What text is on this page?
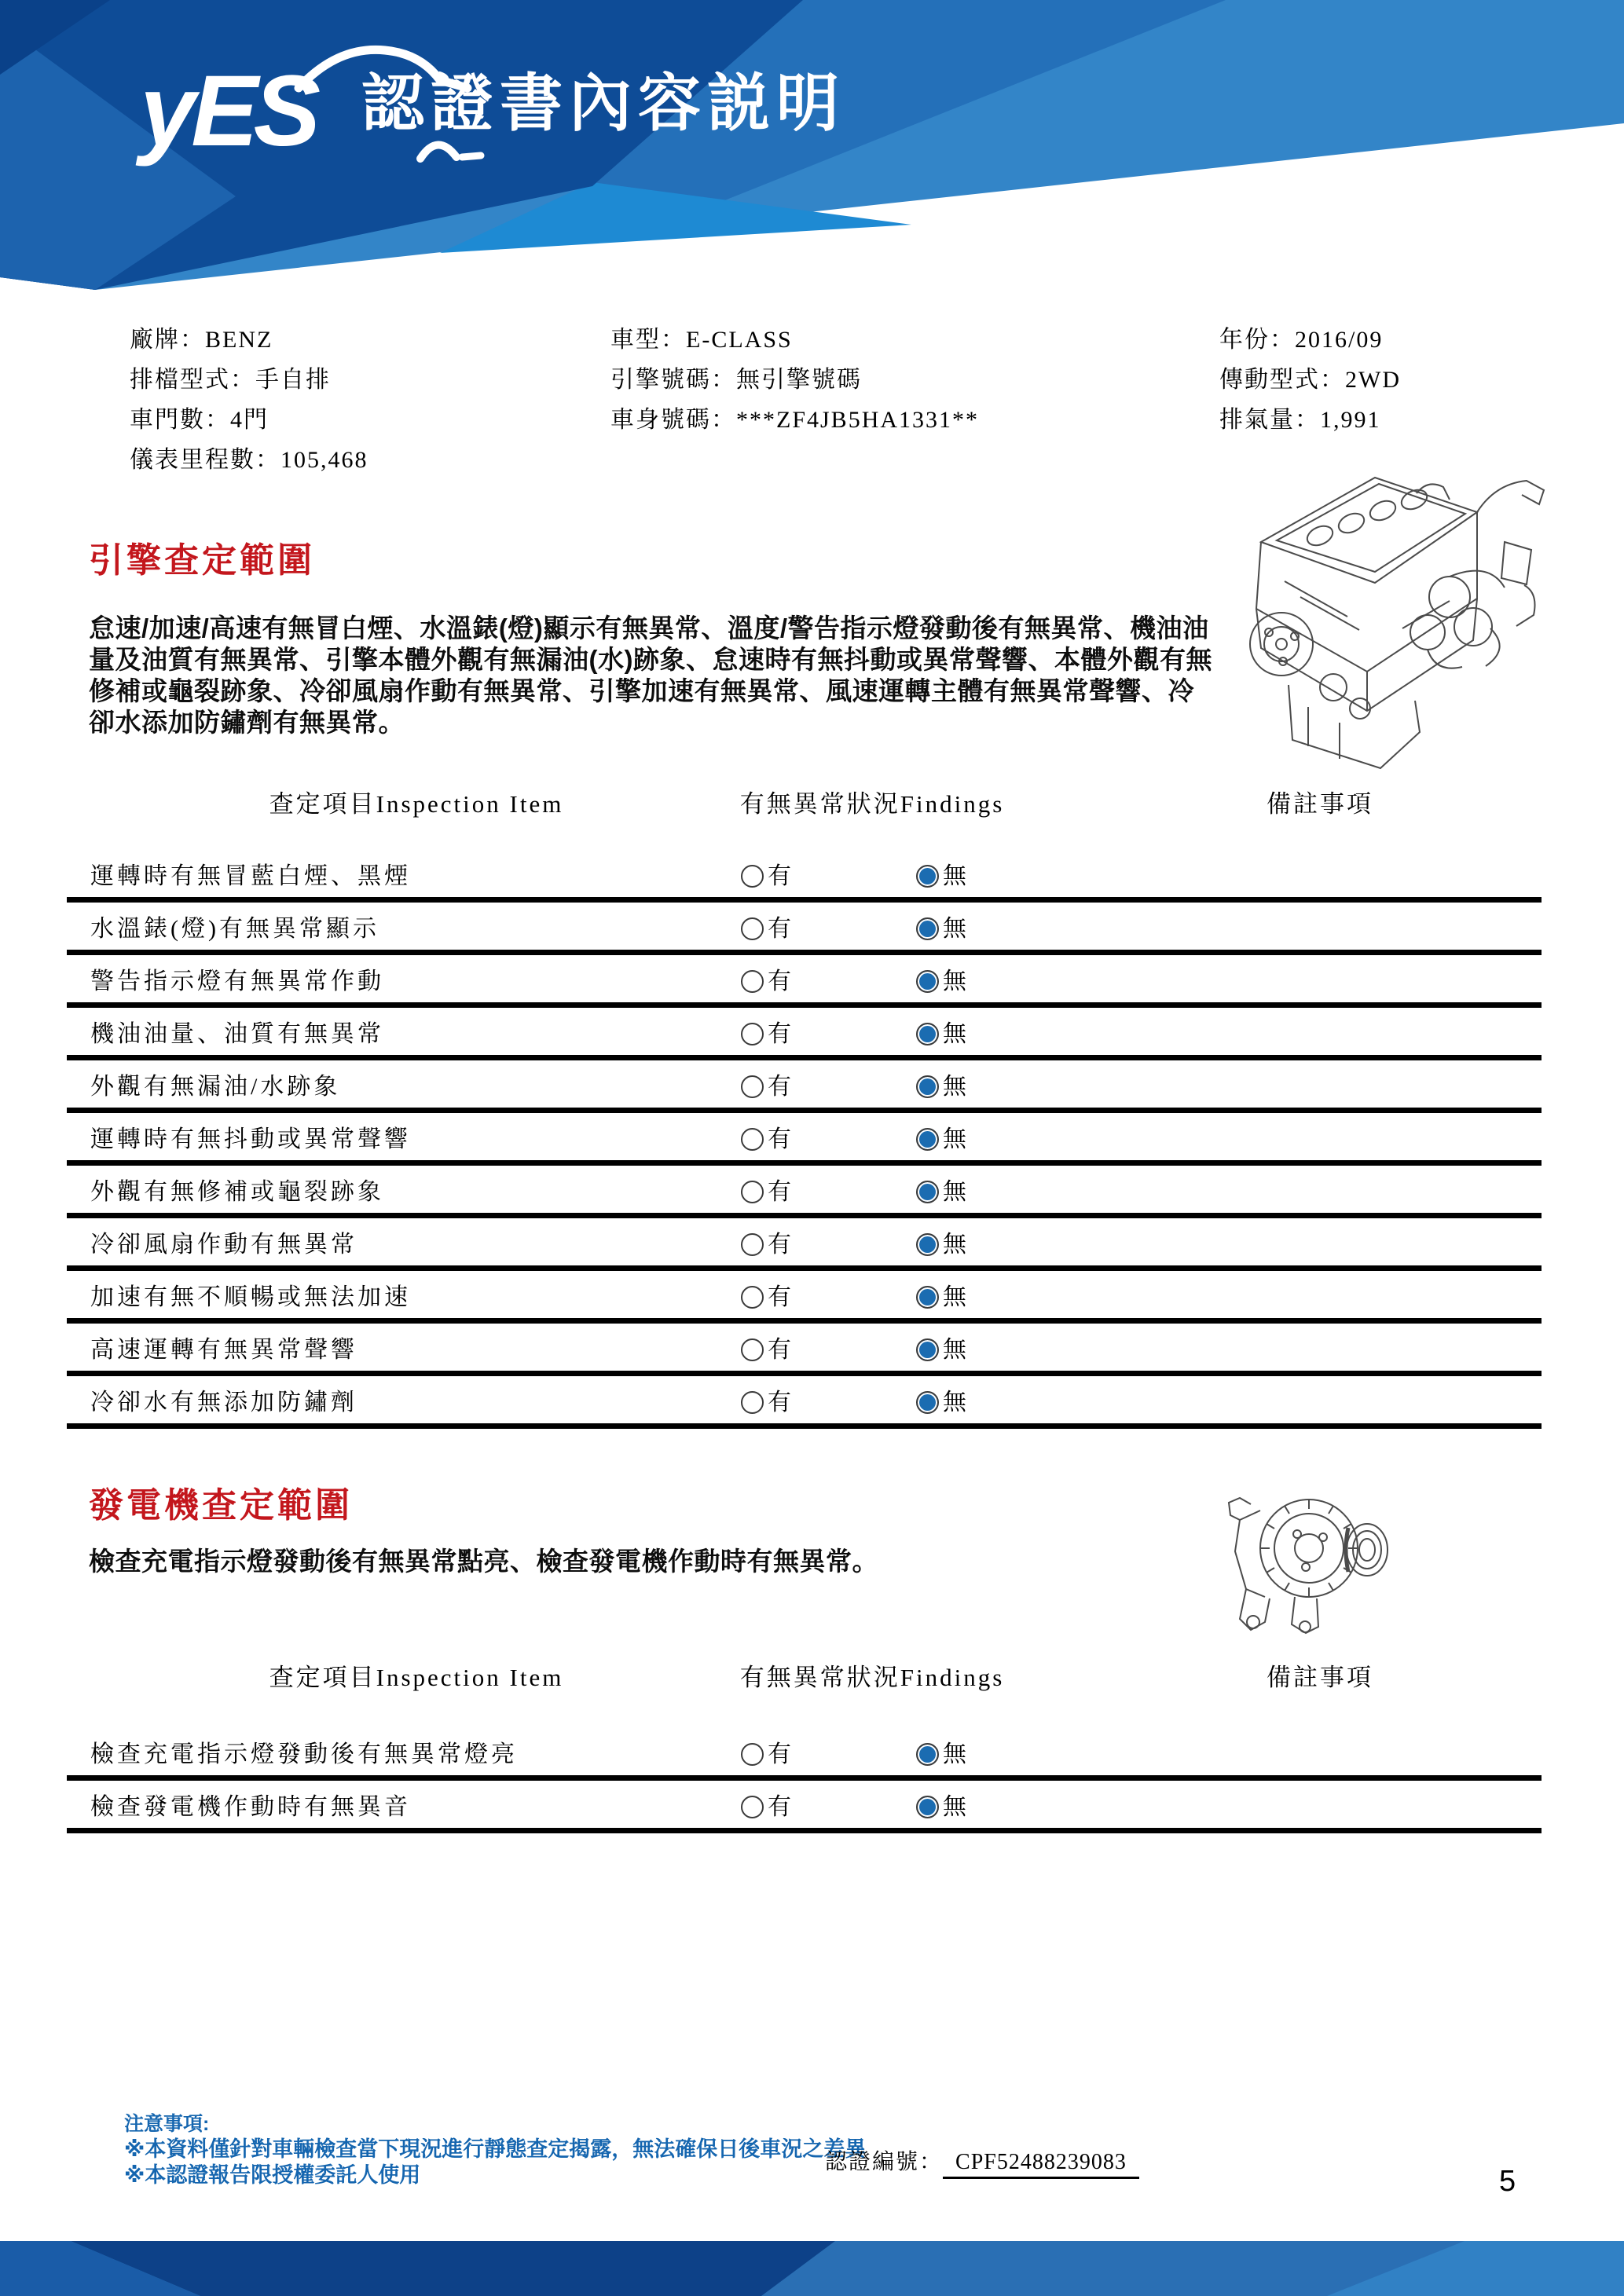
yES 認證書內容説明
廠牌：BENZ
排檔型式：手自排
車門數：4門
儀表里程數：105,468
車型：E-CLASS
引擎號碼：無引擎號碼
車身號碼：***ZF4JB5HA1331**
年份：2016/09
傳動型式：2WD
排氣量：1,991
引擎查定範圍
怠速/加速/高速有無冒白煙、水溫錶(燈)顯示有無異常、溫度/警告指示燈發動後有無異常、機油油量及油質有無異常、引擎本體外觀有無漏油(水)跡象、怠速時有無抖動或異常聲響、本體外觀有無修補或龜裂跡象、冷卻風扇作動有無異常、引擎加速有無異常、風速運轉主體有無異常聲響、冷卻水添加防鏽劑有無異常。
查定項目Inspection Item	有無異常狀況Findings	備註事項
運轉時有無冒藍白煙、黑煙	有	無
水溫錶(燈)有無異常顯示	有	無
警告指示燈有無異常作動	有	無
機油油量、油質有無異常	有	無
外觀有無漏油/水跡象	有	無
運轉時有無抖動或異常聲響	有	無
外觀有無修補或龜裂跡象	有	無
冷卻風扇作動有無異常	有	無
加速有無不順暢或無法加速	有	無
高速運轉有無異常聲響	有	無
冷卻水有無添加防鏽劑	有	無
發電機查定範圍
檢查充電指示燈發動後有無異常點亮、檢查發電機作動時有無異常。
查定項目Inspection Item	有無異常狀況Findings	備註事項
檢查充電指示燈發動後有無異常燈亮	有	無
檢查發電機作動時有無異音	有	無
注意事項:
※本資料僅針對車輛檢查當下現況進行靜態查定揭露，無法確保日後車況之差異
※本認證報告限授權委託人使用
認證編號： CPF52488239083
5
